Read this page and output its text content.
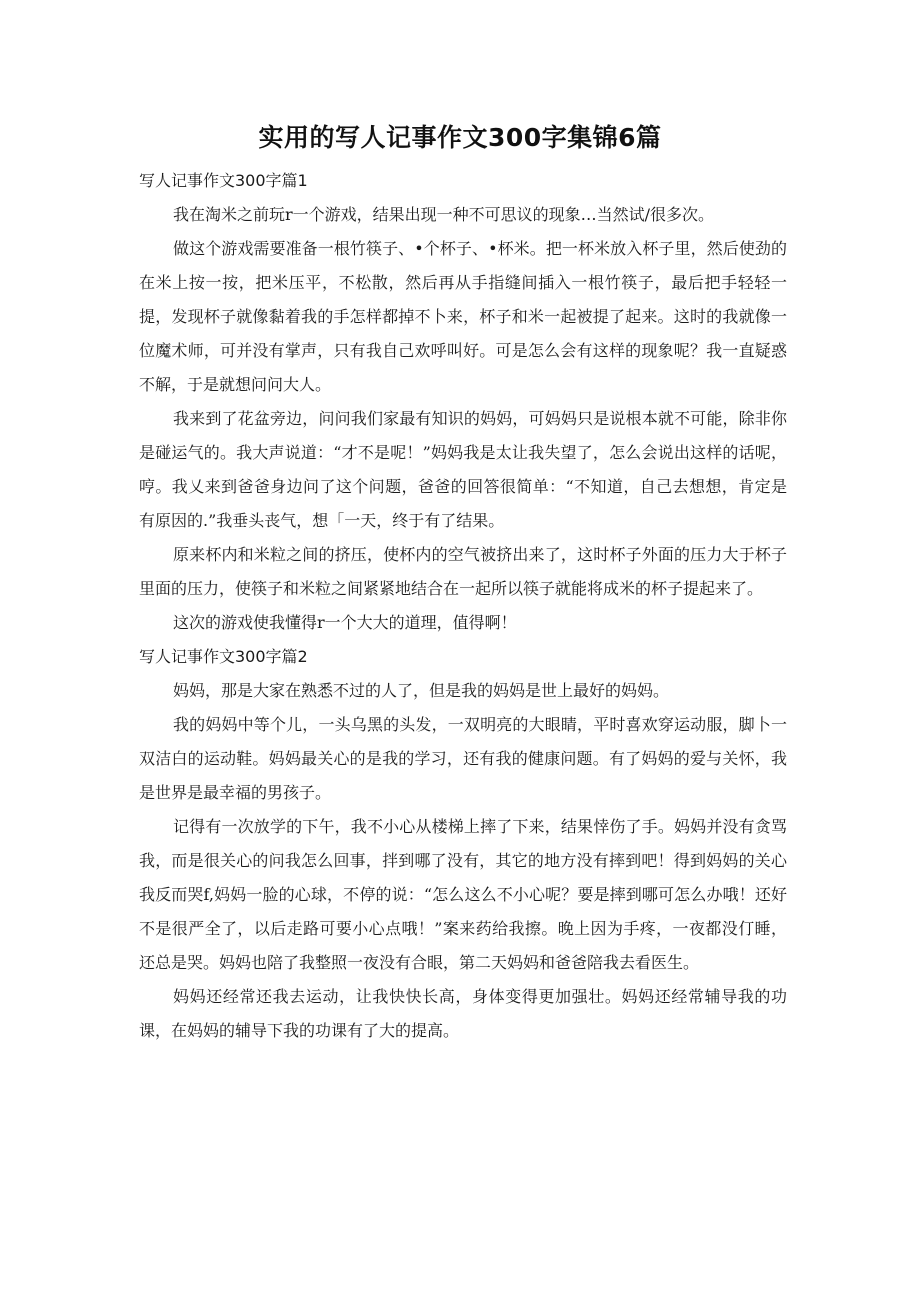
实用的写人记事作文300字集锦6篇

写人记事作文300字篇1

我在淘米之前玩r一个游戏，结果出现一种不可思议的现象…当然试/很多次。

做这个游戏需要准备一根竹筷子、•个杯子、•杯米。把一杯米放入杯子里，然后使劲的在米上按一按，把米压平，不松散，然后再从手指缝间插入一根竹筷子，最后把手轻轻一提，发现杯子就像黏着我的手怎样都掉不卜来，杯子和米一起被提了起来。这时的我就像一位魔术师，可并没有掌声，只有我自己欢呼叫好。可是怎么会有这样的现象呢？我一直疑惑不解，于是就想问问大人。

我来到了花盆旁边，问问我们家最有知识的妈妈，可妈妈只是说根本就不可能，除非你是碰运气的。我大声说道：“才不是呢！”妈妈我是太让我失望了，怎么会说出这样的话呢，哼。我乂来到爸爸身边问了这个问题，爸爸的回答很简单：“不知道，自己去想想，肯定是有原因的.”我垂头丧气，想「一天，终于有了结果。

原来杯内和米粒之间的挤压，使杯内的空气被挤出来了，这时杯子外面的压力大于杯子里面的压力，使筷子和米粒之间紧紧地结合在一起所以筷子就能将成米的杯子提起来了。

这次的游戏使我懂得r一个大大的道理，值得啊！

写人记事作文300字篇2

妈妈，那是大家在熟悉不过的人了，但是我的妈妈是世上最好的妈妈。

我的妈妈中等个儿，一头乌黑的头发，一双明亮的大眼睛，平时喜欢穿运动服，脚卜一双洁白的运动鞋。妈妈最关心的是我的学习，还有我的健康问题。有了妈妈的爱与关怀，我是世界是最幸福的男孩子。

记得有一次放学的下午，我不小心从楼梯上摔了下来，结果悻伤了手。妈妈并没有贪骂我，而是很关心的问我怎么回事，拌到哪了没有，其它的地方没有摔到吧！得到妈妈的关心我反而哭f,妈妈一脸的心球，不停的说：“怎么这么不小心呢？要是摔到哪可怎么办哦！还好不是很严全了，以后走路可要小心点哦！”案来药给我擦。晚上因为手疼，一夜都没仃睡，还总是哭。妈妈也陪了我整照一夜没有合眼，第二天妈妈和爸爸陪我去看医生。

妈妈还经常还我去运动，让我快快长高，身体变得更加强壮。妈妈还经常辅导我的功课，在妈妈的辅导下我的功课有了大的提高。
